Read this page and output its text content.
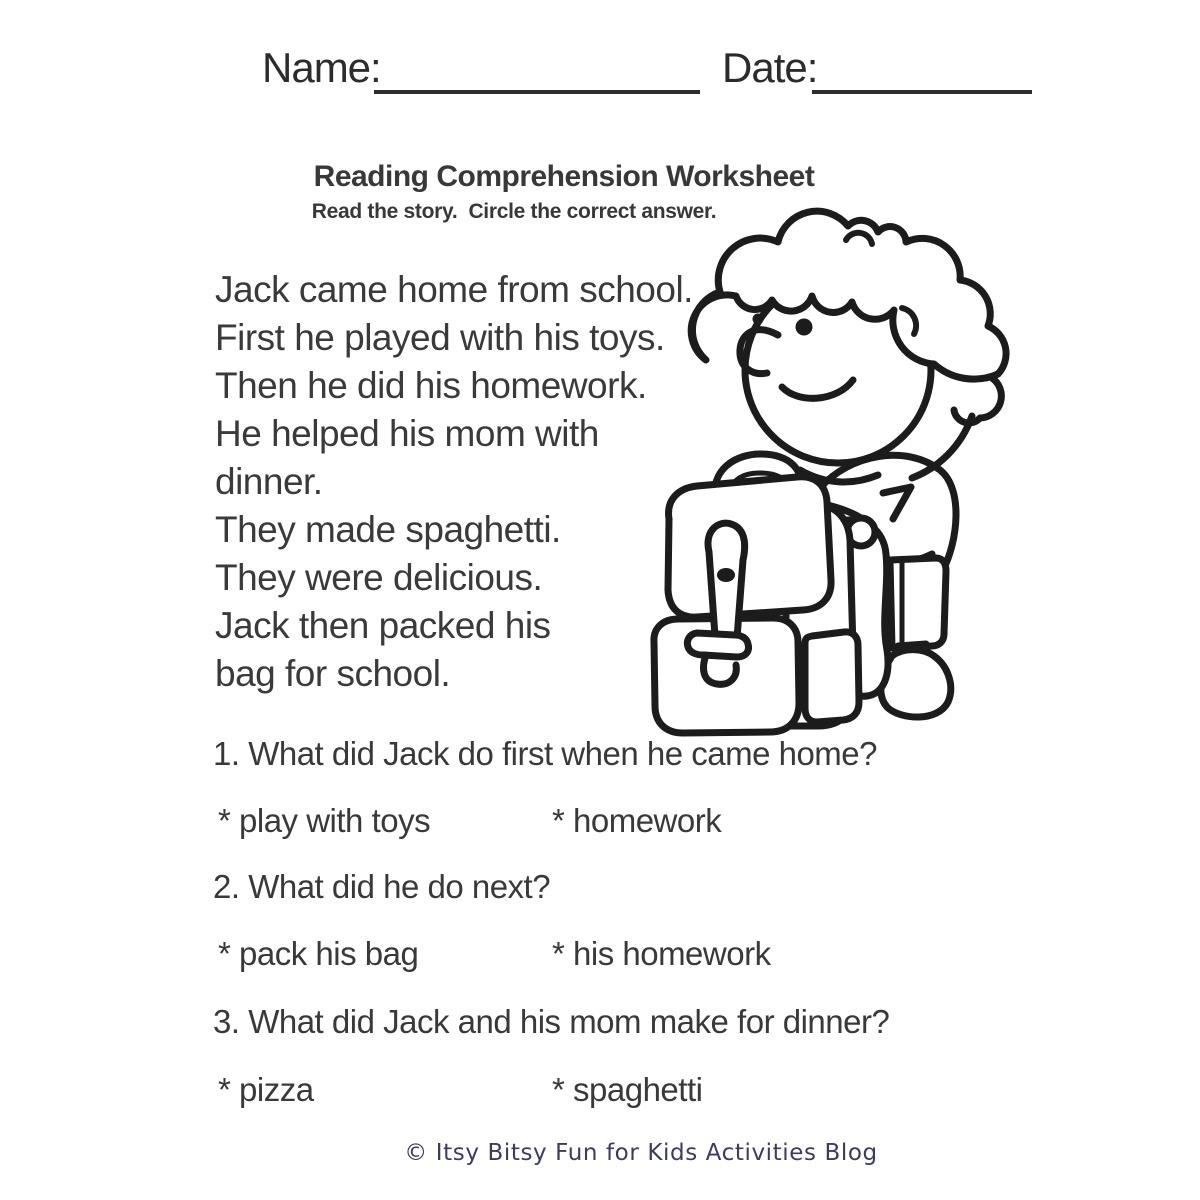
Name:	Date:
Reading Comprehension Worksheet
Read the story.  Circle the correct answer.
Jack came home from school.
First he played with his toys.
Then he did his homework.
He helped his mom with
dinner.
They made spaghetti.
They were delicious.
Jack then packed his
bag for school.
1. What did Jack do first when he came home?
* play with toys	* homework
2. What did he do next?
* pack his bag	* his homework
3. What did Jack and his mom make for dinner?
* pizza	* spaghetti
© Itsy Bitsy Fun for Kids Activities Blog
